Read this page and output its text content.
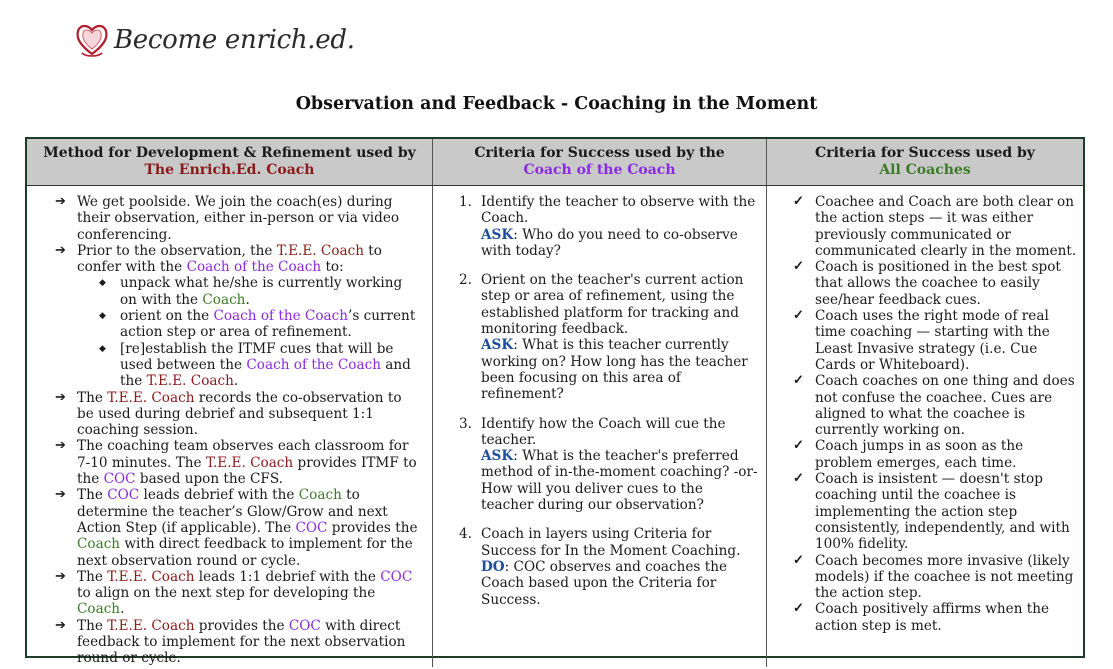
Become enrich.ed.
Observation and Feedback - Coaching in the Moment
Method for Development & Refinement used by
The Enrich.Ed. Coach
Criteria for Success used by the
Coach of the Coach
Criteria for Success used by
All Coaches
➔ We get poolside. We join the coach(es) during their observation, either in-person or via video conferencing.
➔ Prior to the observation, the T.E.E. Coach to confer with the Coach of the Coach to:
◆ unpack what he/she is currently working on with the Coach.
◆ orient on the Coach of the Coach’s current action step or area of refinement.
◆ [re]establish the ITMF cues that will be used between the Coach of the Coach and the T.E.E. Coach.
➔ The T.E.E. Coach records the co-observation to be used during debrief and subsequent 1:1 coaching session.
➔ The coaching team observes each classroom for 7-10 minutes. The T.E.E. Coach provides ITMF to the COC based upon the CFS.
➔ The COC leads debrief with the Coach to determine the teacher’s Glow/Grow and next Action Step (if applicable). The COC provides the Coach with direct feedback to implement for the next observation round or cycle.
➔ The T.E.E. Coach leads 1:1 debrief with the COC to align on the next step for developing the Coach.
➔ The T.E.E. Coach provides the COC with direct feedback to implement for the next observation round or cycle.
1. Identify the teacher to observe with the Coach.
ASK: Who do you need to co-observe with today?
2. Orient on the teacher's current action step or area of refinement, using the established platform for tracking and monitoring feedback.
ASK: What is this teacher currently working on? How long has the teacher been focusing on this area of refinement?
3. Identify how the Coach will cue the teacher.
ASK: What is the teacher's preferred method of in-the-moment coaching? -or- How will you deliver cues to the teacher during our observation?
4. Coach in layers using Criteria for Success for In the Moment Coaching.
DO: COC observes and coaches the Coach based upon the Criteria for Success.
✓ Coachee and Coach are both clear on the action steps — it was either previously communicated or communicated clearly in the moment.
✓ Coach is positioned in the best spot that allows the coachee to easily see/hear feedback cues.
✓ Coach uses the right mode of real time coaching — starting with the Least Invasive strategy (i.e. Cue Cards or Whiteboard).
✓ Coach coaches on one thing and does not confuse the coachee. Cues are aligned to what the coachee is currently working on.
✓ Coach jumps in as soon as the problem emerges, each time.
✓ Coach is insistent — doesn't stop coaching until the coachee is implementing the action step consistently, independently, and with 100% fidelity.
✓ Coach becomes more invasive (likely models) if the coachee is not meeting the action step.
✓ Coach positively affirms when the action step is met.
